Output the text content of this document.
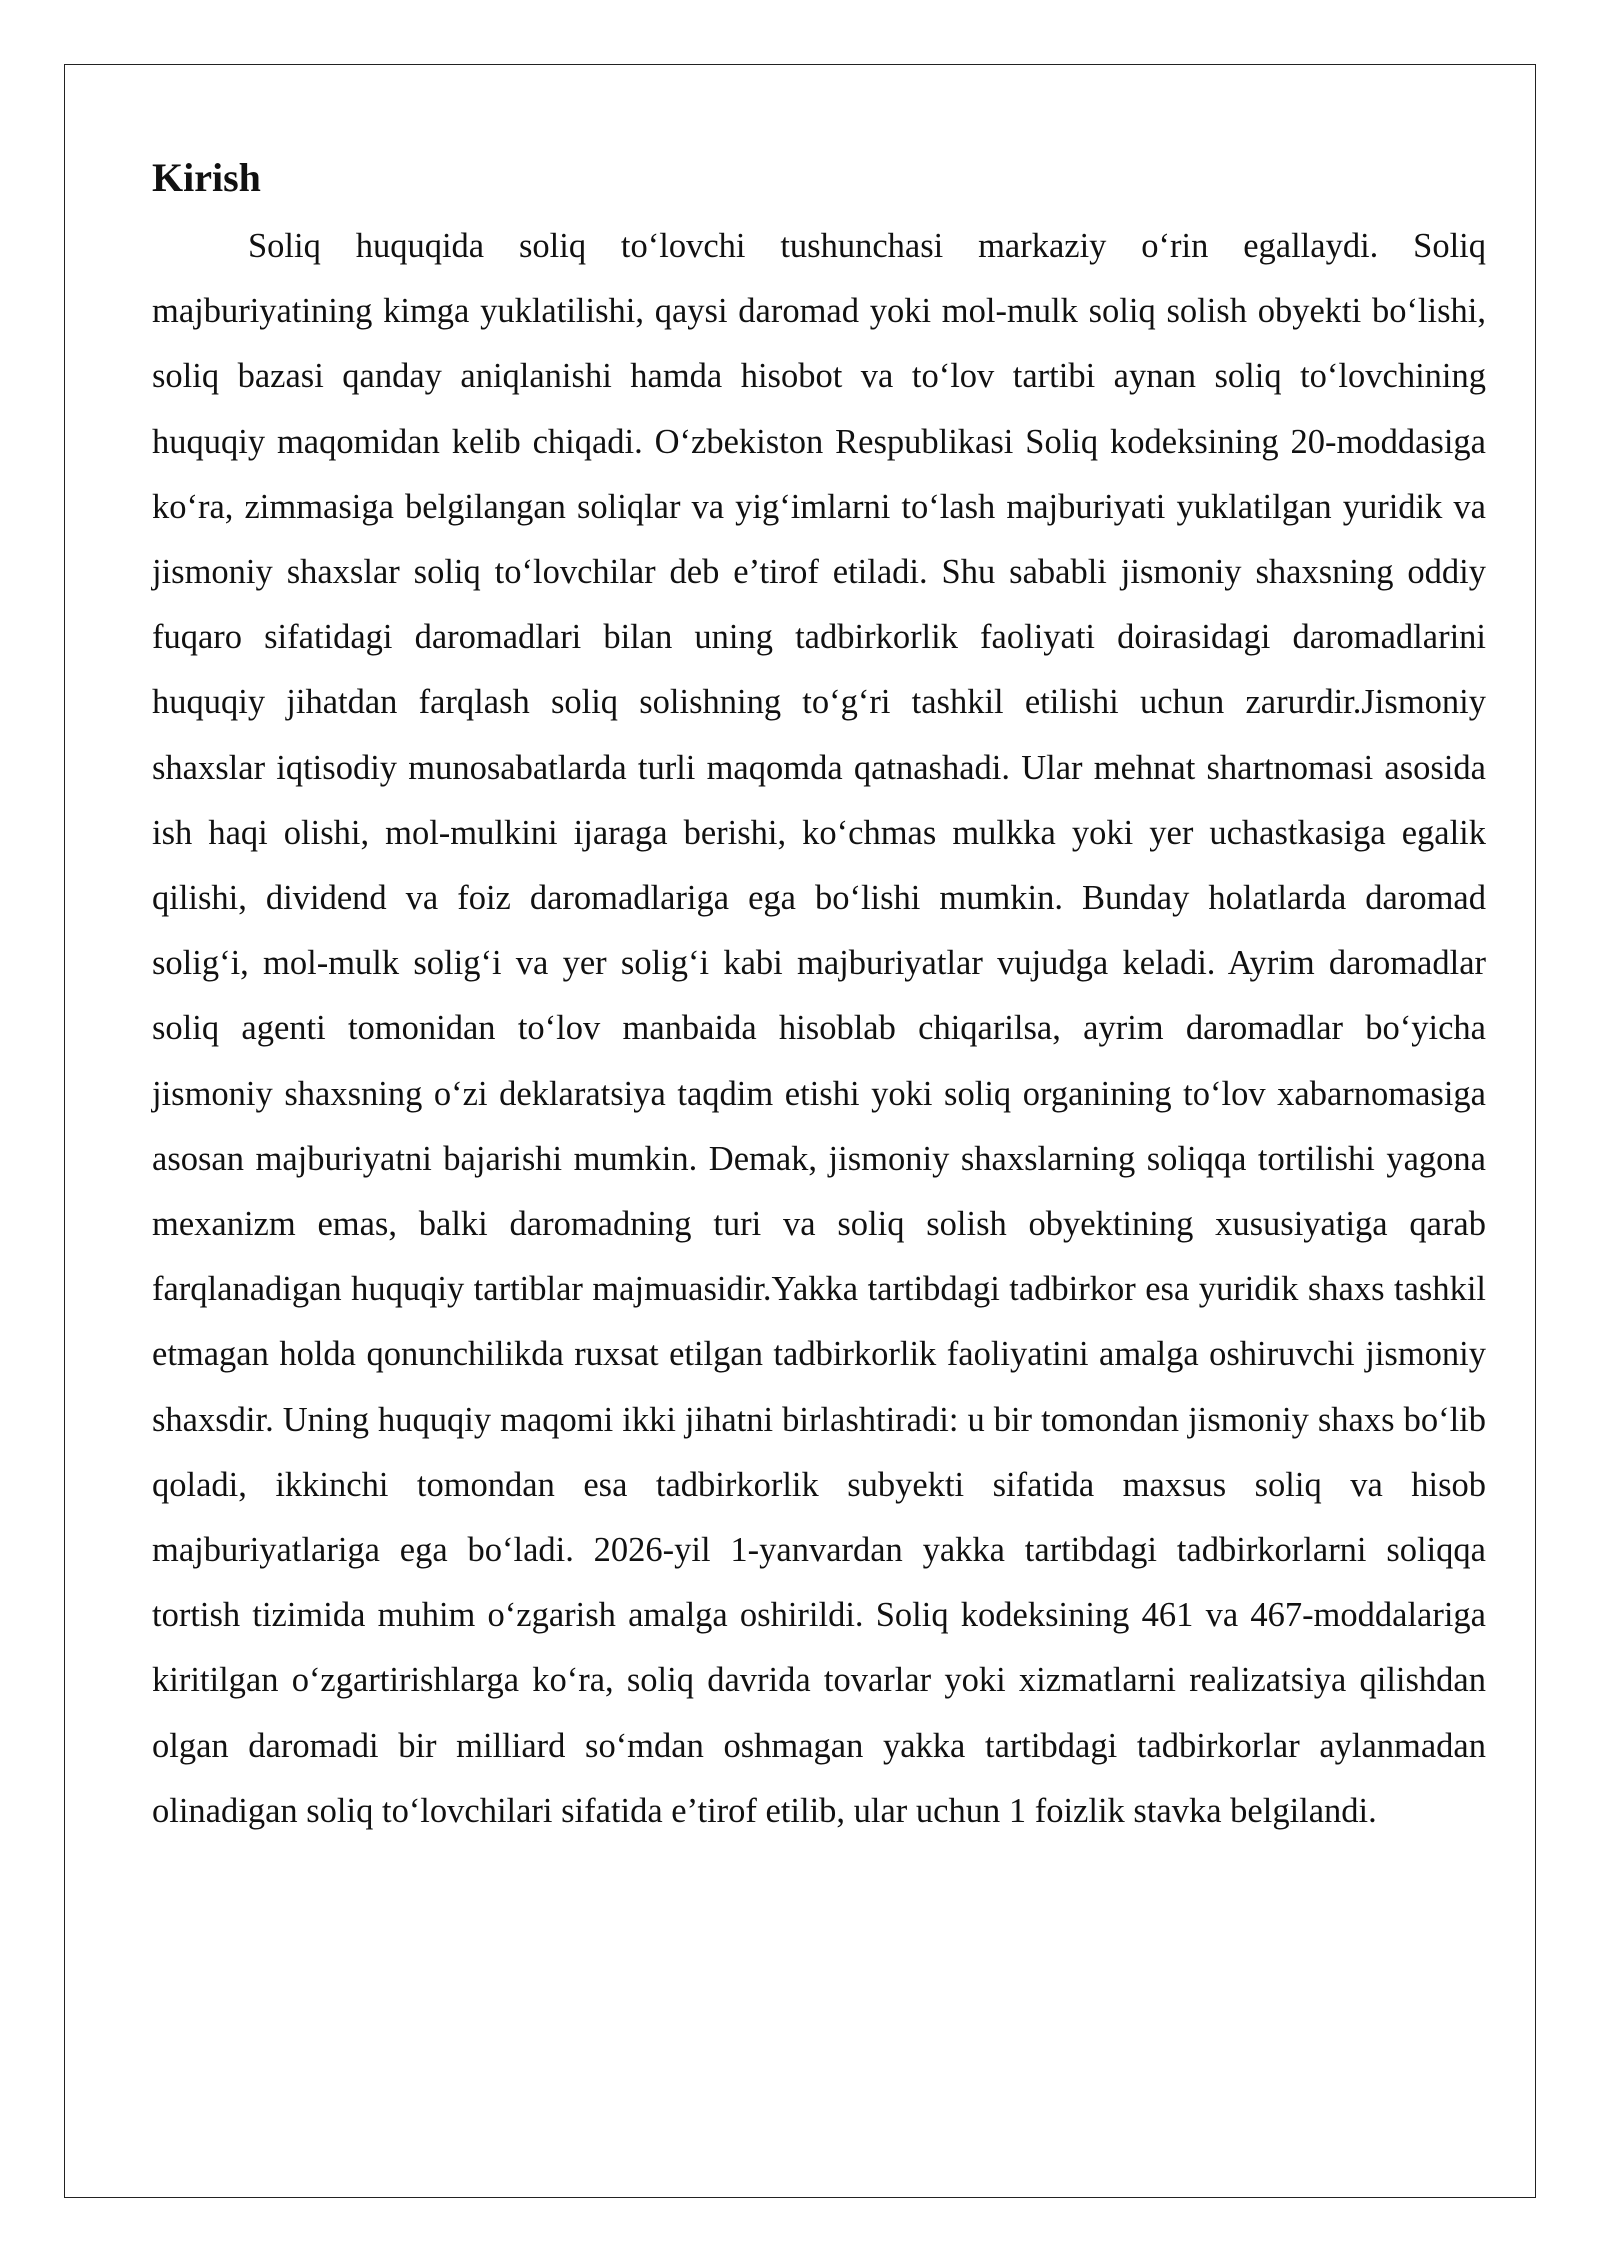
Kirish

Soliq huquqida soliq to‘lovchi tushunchasi markaziy o‘rin egallaydi. Soliq majburiyatining kimga yuklatilishi, qaysi daromad yoki mol-mulk soliq solish obyekti bo‘lishi, soliq bazasi qanday aniqlanishi hamda hisobot va to‘lov tartibi aynan soliq to‘lovchining huquqiy maqomidan kelib chiqadi. O‘zbekiston Respublikasi Soliq kodeksining 20-moddasiga ko‘ra, zimmasiga belgilangan soliqlar va yig‘imlarni to‘lash majburiyati yuklatilgan yuridik va jismoniy shaxslar soliq to‘lovchilar deb e’tirof etiladi. Shu sababli jismoniy shaxsning oddiy fuqaro sifatidagi daromadlari bilan uning tadbirkorlik faoliyati doirasidagi daromadlarini huquqiy jihatdan farqlash soliq solishning to‘g‘ri tashkil etilishi uchun zarurdir.Jismoniy shaxslar iqtisodiy munosabatlarda turli maqomda qatnashadi. Ular mehnat shartnomasi asosida ish haqi olishi, mol-mulkini ijaraga berishi, ko‘chmas mulkka yoki yer uchastkasiga egalik qilishi, dividend va foiz daromadlariga ega bo‘lishi mumkin. Bunday holatlarda daromad solig‘i, mol-mulk solig‘i va yer solig‘i kabi majburiyatlar vujudga keladi. Ayrim daromadlar soliq agenti tomonidan to‘lov manbaida hisoblab chiqarilsa, ayrim daromadlar bo‘yicha jismoniy shaxsning o‘zi deklaratsiya taqdim etishi yoki soliq organining to‘lov xabarnomasiga asosan majburiyatni bajarishi mumkin. Demak, jismoniy shaxslarning soliqqa tortilishi yagona mexanizm emas, balki daromadning turi va soliq solish obyektining xususiyatiga qarab farqlanadigan huquqiy tartiblar majmuasidir.Yakka tartibdagi tadbirkor esa yuridik shaxs tashkil etmagan holda qonunchilikda ruxsat etilgan tadbirkorlik faoliyatini amalga oshiruvchi jismoniy shaxsdir. Uning huquqiy maqomi ikki jihatni birlashtiradi: u bir tomondan jismoniy shaxs bo‘lib qoladi, ikkinchi tomondan esa tadbirkorlik subyekti sifatida maxsus soliq va hisob majburiyatlariga ega bo‘ladi. 2026-yil 1-yanvardan yakka tartibdagi tadbirkorlarni soliqqa tortish tizimida muhim o‘zgarish amalga oshirildi. Soliq kodeksining 461 va 467-moddalariga kiritilgan o‘zgartirishlarga ko‘ra, soliq davrida tovarlar yoki xizmatlarni realizatsiya qilishdan olgan daromadi bir milliard so‘mdan oshmagan yakka tartibdagi tadbirkorlar aylanmadan olinadigan soliq to‘lovchilari sifatida e’tirof etilib, ular uchun 1 foizlik stavka belgilandi.
